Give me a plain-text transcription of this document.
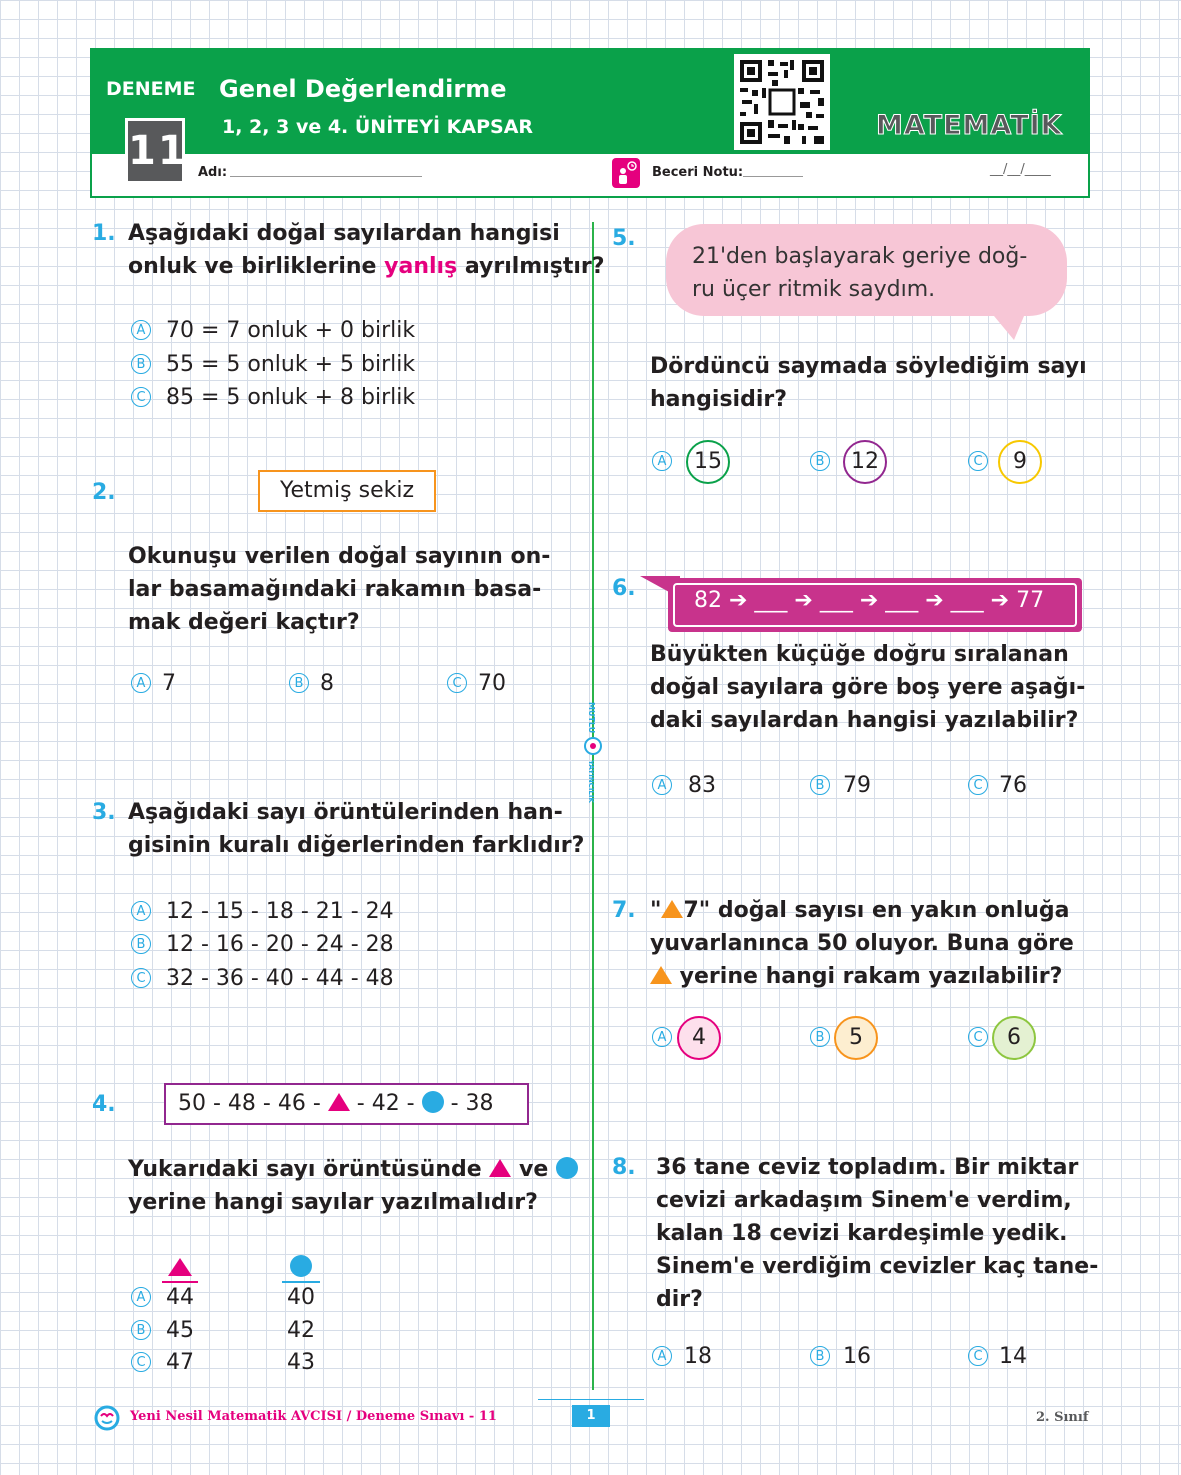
DENEME Genel Değerlendirme
1, 2, 3 ve 4. ÜNİTEYİ KAPSAR
11
MATEMATİK
Adı:	Beceri Notu:	__/__/____
MUTLU
YAYINCILIK
1. Aşağıdaki doğal sayılardan hangisi
onluk ve birliklerine yanlış ayrılmıştır?
A 70 = 7 onluk + 0 birlik
B 55 = 5 onluk + 5 birlik
C 85 = 5 onluk + 8 birlik
2.	Yetmiş sekiz
Okunuşu verilen doğal sayının on-
lar basamağındaki rakamın basa-
mak değeri kaçtır?
A 7	B 8	C 70
3. Aşağıdaki sayı örüntülerinden han-
gisinin kuralı diğerlerinden farklıdır?
A 12 - 15 - 18 - 21 - 24
B 12 - 16 - 20 - 24 - 28
C 32 - 36 - 40 - 44 - 48
4.	50 - 48 - 46 - - 42 - - 38
Yukarıdaki sayı örüntüsünde ve
yerine hangi sayılar yazılmalıdır?
A 44	40
B 45	42
C 47	43
5.
21'den başlayarak geriye doğ-
ru üçer ritmik saydım.
Dördüncü saymada söylediğim sayı
hangisidir?
A	15	B	12	C	9
6.	82 ➔ ___ ➔ ___ ➔ ___ ➔ ___ ➔ 77
Büyükten küçüğe doğru sıralanan
doğal sayılara göre boş yere aşağı-
daki sayılardan hangisi yazılabilir?
A 83	B 79	C 76
7. " 7" doğal sayısı en yakın onluğa
yuvarlanınca 50 oluyor. Buna göre
yerine hangi rakam yazılabilir?
A	4	B	5	C	6
8. 36 tane ceviz topladım. Bir miktar
cevizi arkadaşım Sinem'e verdim,
kalan 18 cevizi kardeşimle yedik.
Sinem'e verdiğim cevizler kaç tane-
dir?
A 18	B 16	C 14
Yeni Nesil Matematik AVCISI / Deneme Sınavı - 11	1	2. Sınıf
